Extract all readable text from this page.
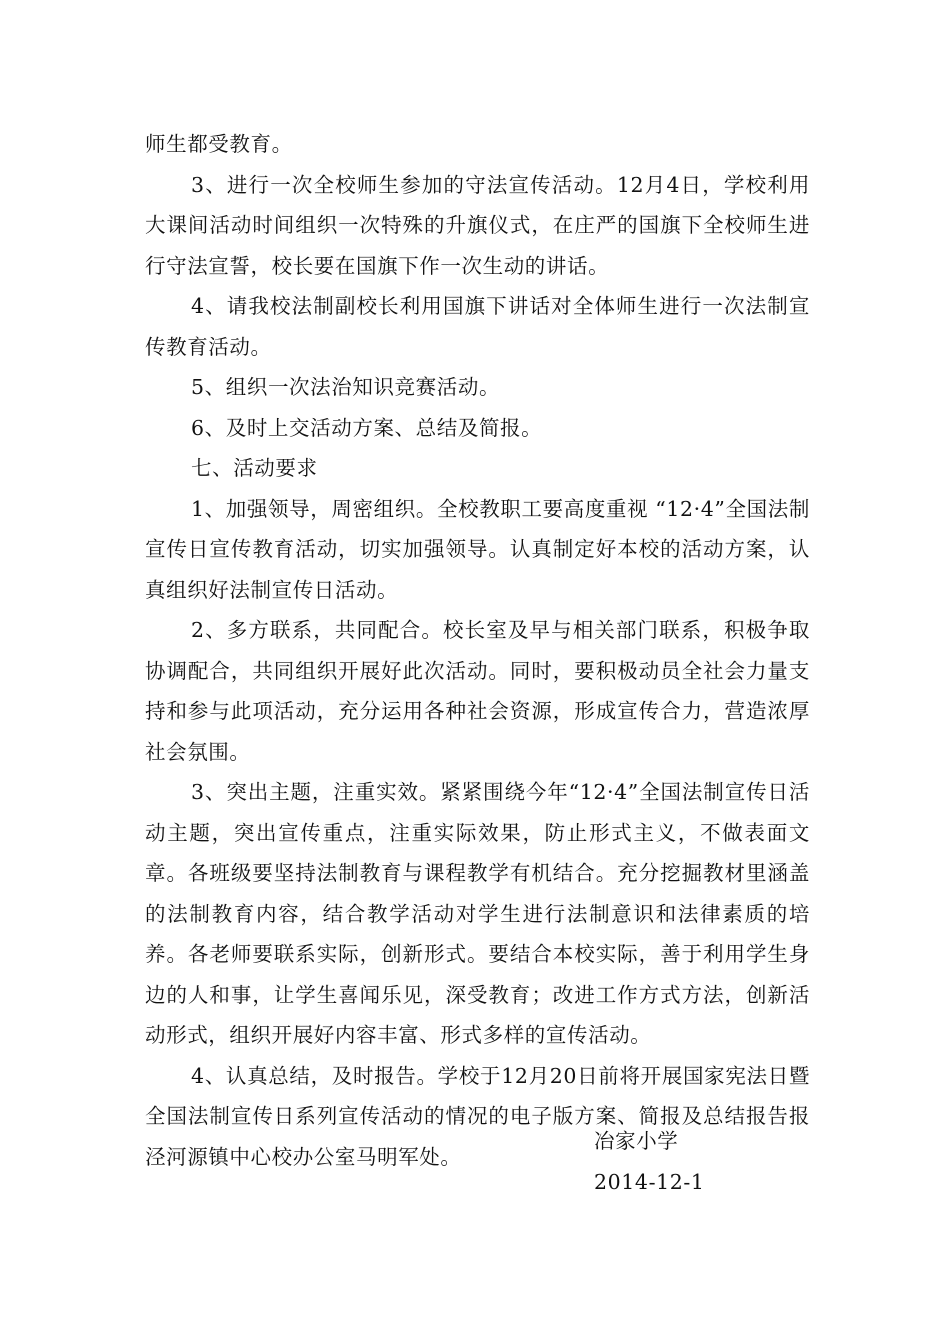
师生都受教育。

3、进行一次全校师生参加的守法宣传活动。12月4日，学校利用大课间活动时间组织一次特殊的升旗仪式，在庄严的国旗下全校师生进行守法宣誓，校长要在国旗下作一次生动的讲话。

4、请我校法制副校长利用国旗下讲话对全体师生进行一次法制宣传教育活动。

5、组织一次法治知识竞赛活动。

6、及时上交活动方案、总结及简报。

七、活动要求

1、加强领导，周密组织。全校教职工要高度重视 “12·4”全国法制宣传日宣传教育活动，切实加强领导。认真制定好本校的活动方案，认真组织好法制宣传日活动。

2、多方联系，共同配合。校长室及早与相关部门联系，积极争取协调配合，共同组织开展好此次活动。同时，要积极动员全社会力量支持和参与此项活动，充分运用各种社会资源，形成宣传合力，营造浓厚社会氛围。

3、突出主题，注重实效。紧紧围绕今年“12·4”全国法制宣传日活动主题，突出宣传重点，注重实际效果，防止形式主义，不做表面文章。各班级要坚持法制教育与课程教学有机结合。充分挖掘教材里涵盖的法制教育内容，结合教学活动对学生进行法制意识和法律素质的培养。各老师要联系实际，创新形式。要结合本校实际，善于利用学生身边的人和事，让学生喜闻乐见，深受教育；改进工作方式方法，创新活动形式，组织开展好内容丰富、形式多样的宣传活动。

4、认真总结，及时报告。学校于12月20日前将开展国家宪法日暨全国法制宣传日系列宣传活动的情况的电子版方案、简报及总结报告报泾河源镇中心校办公室马明军处。

冶家小学
2014-12-1
